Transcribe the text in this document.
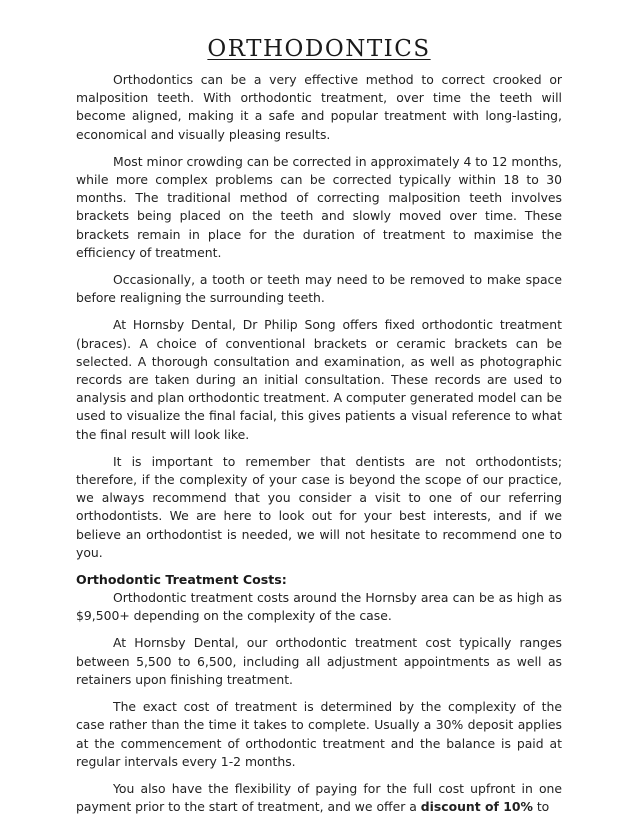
ORTHODONTICS

Orthodontics can be a very effective method to correct crooked or malposition teeth. With orthodontic treatment, over time the teeth will become aligned, making it a safe and popular treatment with long-lasting, economical and visually pleasing results.

Most minor crowding can be corrected in approximately 4 to 12 months, while more complex problems can be corrected typically within 18 to 30 months. The traditional method of correcting malposition teeth involves brackets being placed on the teeth and slowly moved over time. These brackets remain in place for the duration of treatment to maximise the efficiency of treatment.

Occasionally, a tooth or teeth may need to be removed to make space before realigning the surrounding teeth.

At Hornsby Dental, Dr Philip Song offers fixed orthodontic treatment (braces). A choice of conventional brackets or ceramic brackets can be selected. A thorough consultation and examination, as well as photographic records are taken during an initial consultation. These records are used to analysis and plan orthodontic treatment. A computer generated model can be used to visualize the final facial, this gives patients a visual reference to what the final result will look like.

It is important to remember that dentists are not orthodontists; therefore, if the complexity of your case is beyond the scope of our practice, we always recommend that you consider a visit to one of our referring orthodontists. We are here to look out for your best interests, and if we believe an orthodontist is needed, we will not hesitate to recommend one to you.

Orthodontic Treatment Costs:

Orthodontic treatment costs around the Hornsby area can be as high as $9,500+ depending on the complexity of the case.

At Hornsby Dental, our orthodontic treatment cost typically ranges between 5,500 to 6,500, including all adjustment appointments as well as retainers upon finishing treatment.

The exact cost of treatment is determined by the complexity of the case rather than the time it takes to complete. Usually a 30% deposit applies at the commencement of orthodontic treatment and the balance is paid at regular intervals every 1-2 months.

You also have the flexibility of paying for the full cost upfront in one payment prior to the start of treatment, and we offer a discount of 10% to
